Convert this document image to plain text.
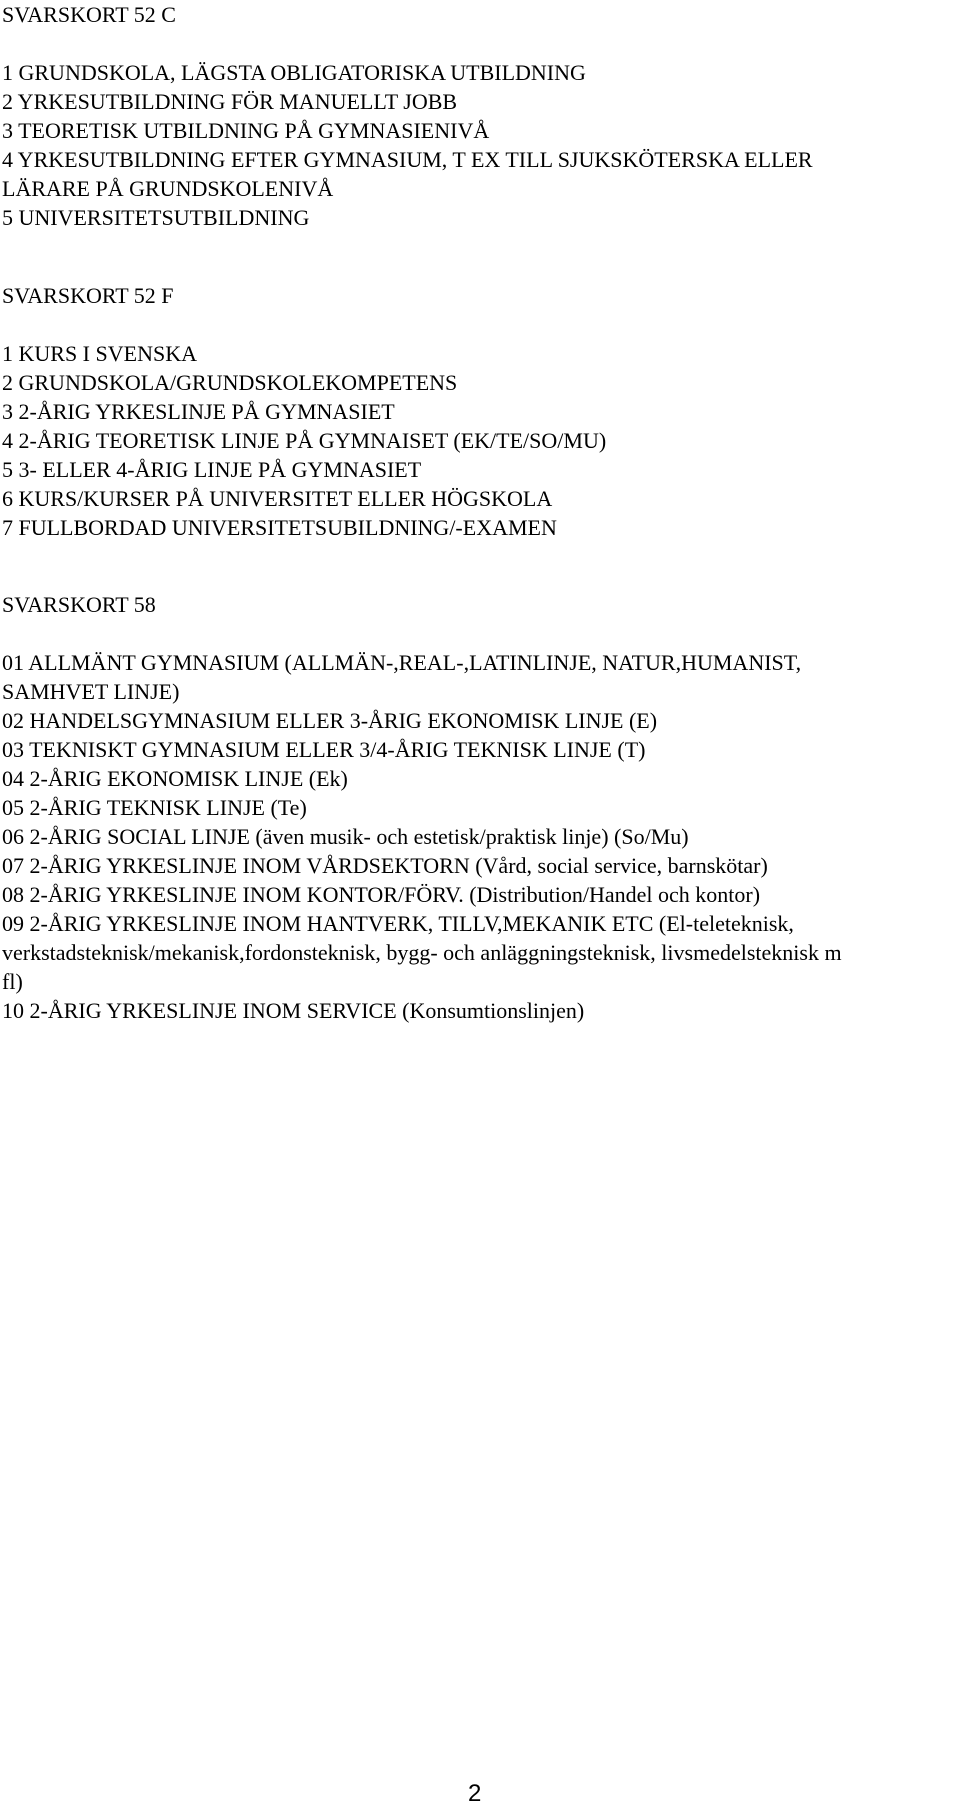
SVARSKORT 52 C
1 GRUNDSKOLA, LÄGSTA OBLIGATORISKA UTBILDNING
2 YRKESUTBILDNING FÖR MANUELLT JOBB
3 TEORETISK UTBILDNING PÅ GYMNASIENIVÅ
4 YRKESUTBILDNING EFTER GYMNASIUM, T EX TILL SJUKSKÖTERSKA ELLER
LÄRARE PÅ GRUNDSKOLENIVÅ
5 UNIVERSITETSUTBILDNING
SVARSKORT 52 F
1 KURS I SVENSKA
2 GRUNDSKOLA/GRUNDSKOLEKOMPETENS
3 2-ÅRIG YRKESLINJE PÅ GYMNASIET
4 2-ÅRIG TEORETISK LINJE PÅ GYMNAISET (EK/TE/SO/MU)
5 3- ELLER 4-ÅRIG LINJE PÅ GYMNASIET
6 KURS/KURSER PÅ UNIVERSITET ELLER HÖGSKOLA
7 FULLBORDAD UNIVERSITETSUBILDNING/-EXAMEN
SVARSKORT 58
01 ALLMÄNT GYMNASIUM (ALLMÄN-,REAL-,LATINLINJE, NATUR,HUMANIST,
SAMHVET LINJE)
02 HANDELSGYMNASIUM ELLER 3-ÅRIG EKONOMISK LINJE (E)
03 TEKNISKT GYMNASIUM ELLER 3/4-ÅRIG TEKNISK LINJE (T)
04 2-ÅRIG EKONOMISK LINJE (Ek)
05 2-ÅRIG TEKNISK LINJE (Te)
06 2-ÅRIG SOCIAL LINJE (även musik- och estetisk/praktisk linje) (So/Mu)
07 2-ÅRIG YRKESLINJE INOM VÅRDSEKTORN (Vård, social service, barnskötar)
08 2-ÅRIG YRKESLINJE INOM KONTOR/FÖRV. (Distribution/Handel och kontor)
09 2-ÅRIG YRKESLINJE INOM HANTVERK, TILLV,MEKANIK ETC (El-teleteknisk,
verkstadsteknisk/mekanisk,fordonsteknisk, bygg- och anläggningsteknisk, livsmedelsteknisk m
fl)
10 2-ÅRIG YRKESLINJE INOM SERVICE (Konsumtionslinjen)
2
